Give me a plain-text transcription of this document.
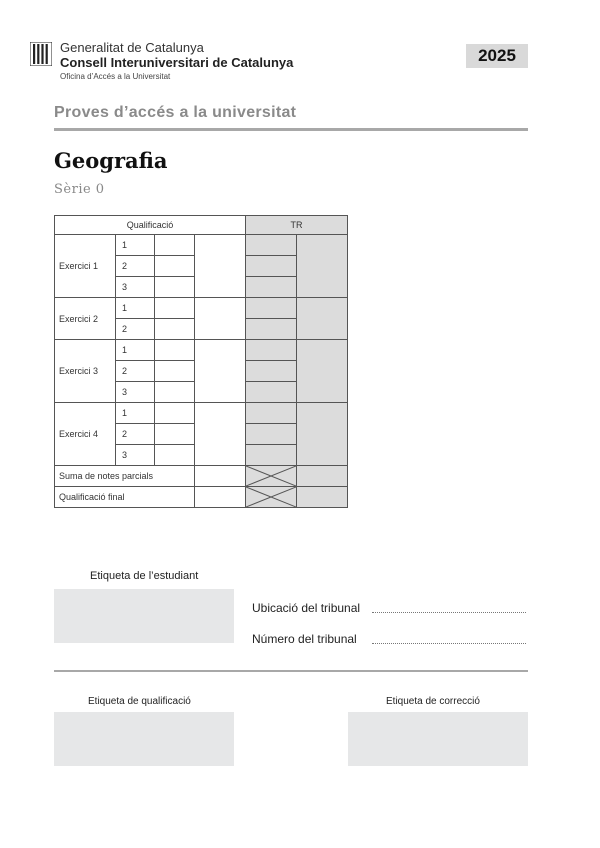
Generalitat de Catalunya
Consell Interuniversitari de Catalunya
Oficina d’Accés a la Universitat
2025
Proves d’accés a la universitat
Geografia
Sèrie 0
Qualificació				TR	
Exercici 1	1				
	2				
	3				
Exercici 2	1				
	2				
Exercici 3	1				
	2				
	3				
Exercici 4	1				
	2				
	3				
Suma de notes parcials		

Qualificació final		

Etiqueta de l’estudiant
Ubicació del tribunal
Número del tribunal
Etiqueta de qualificació	Etiqueta de correcció
